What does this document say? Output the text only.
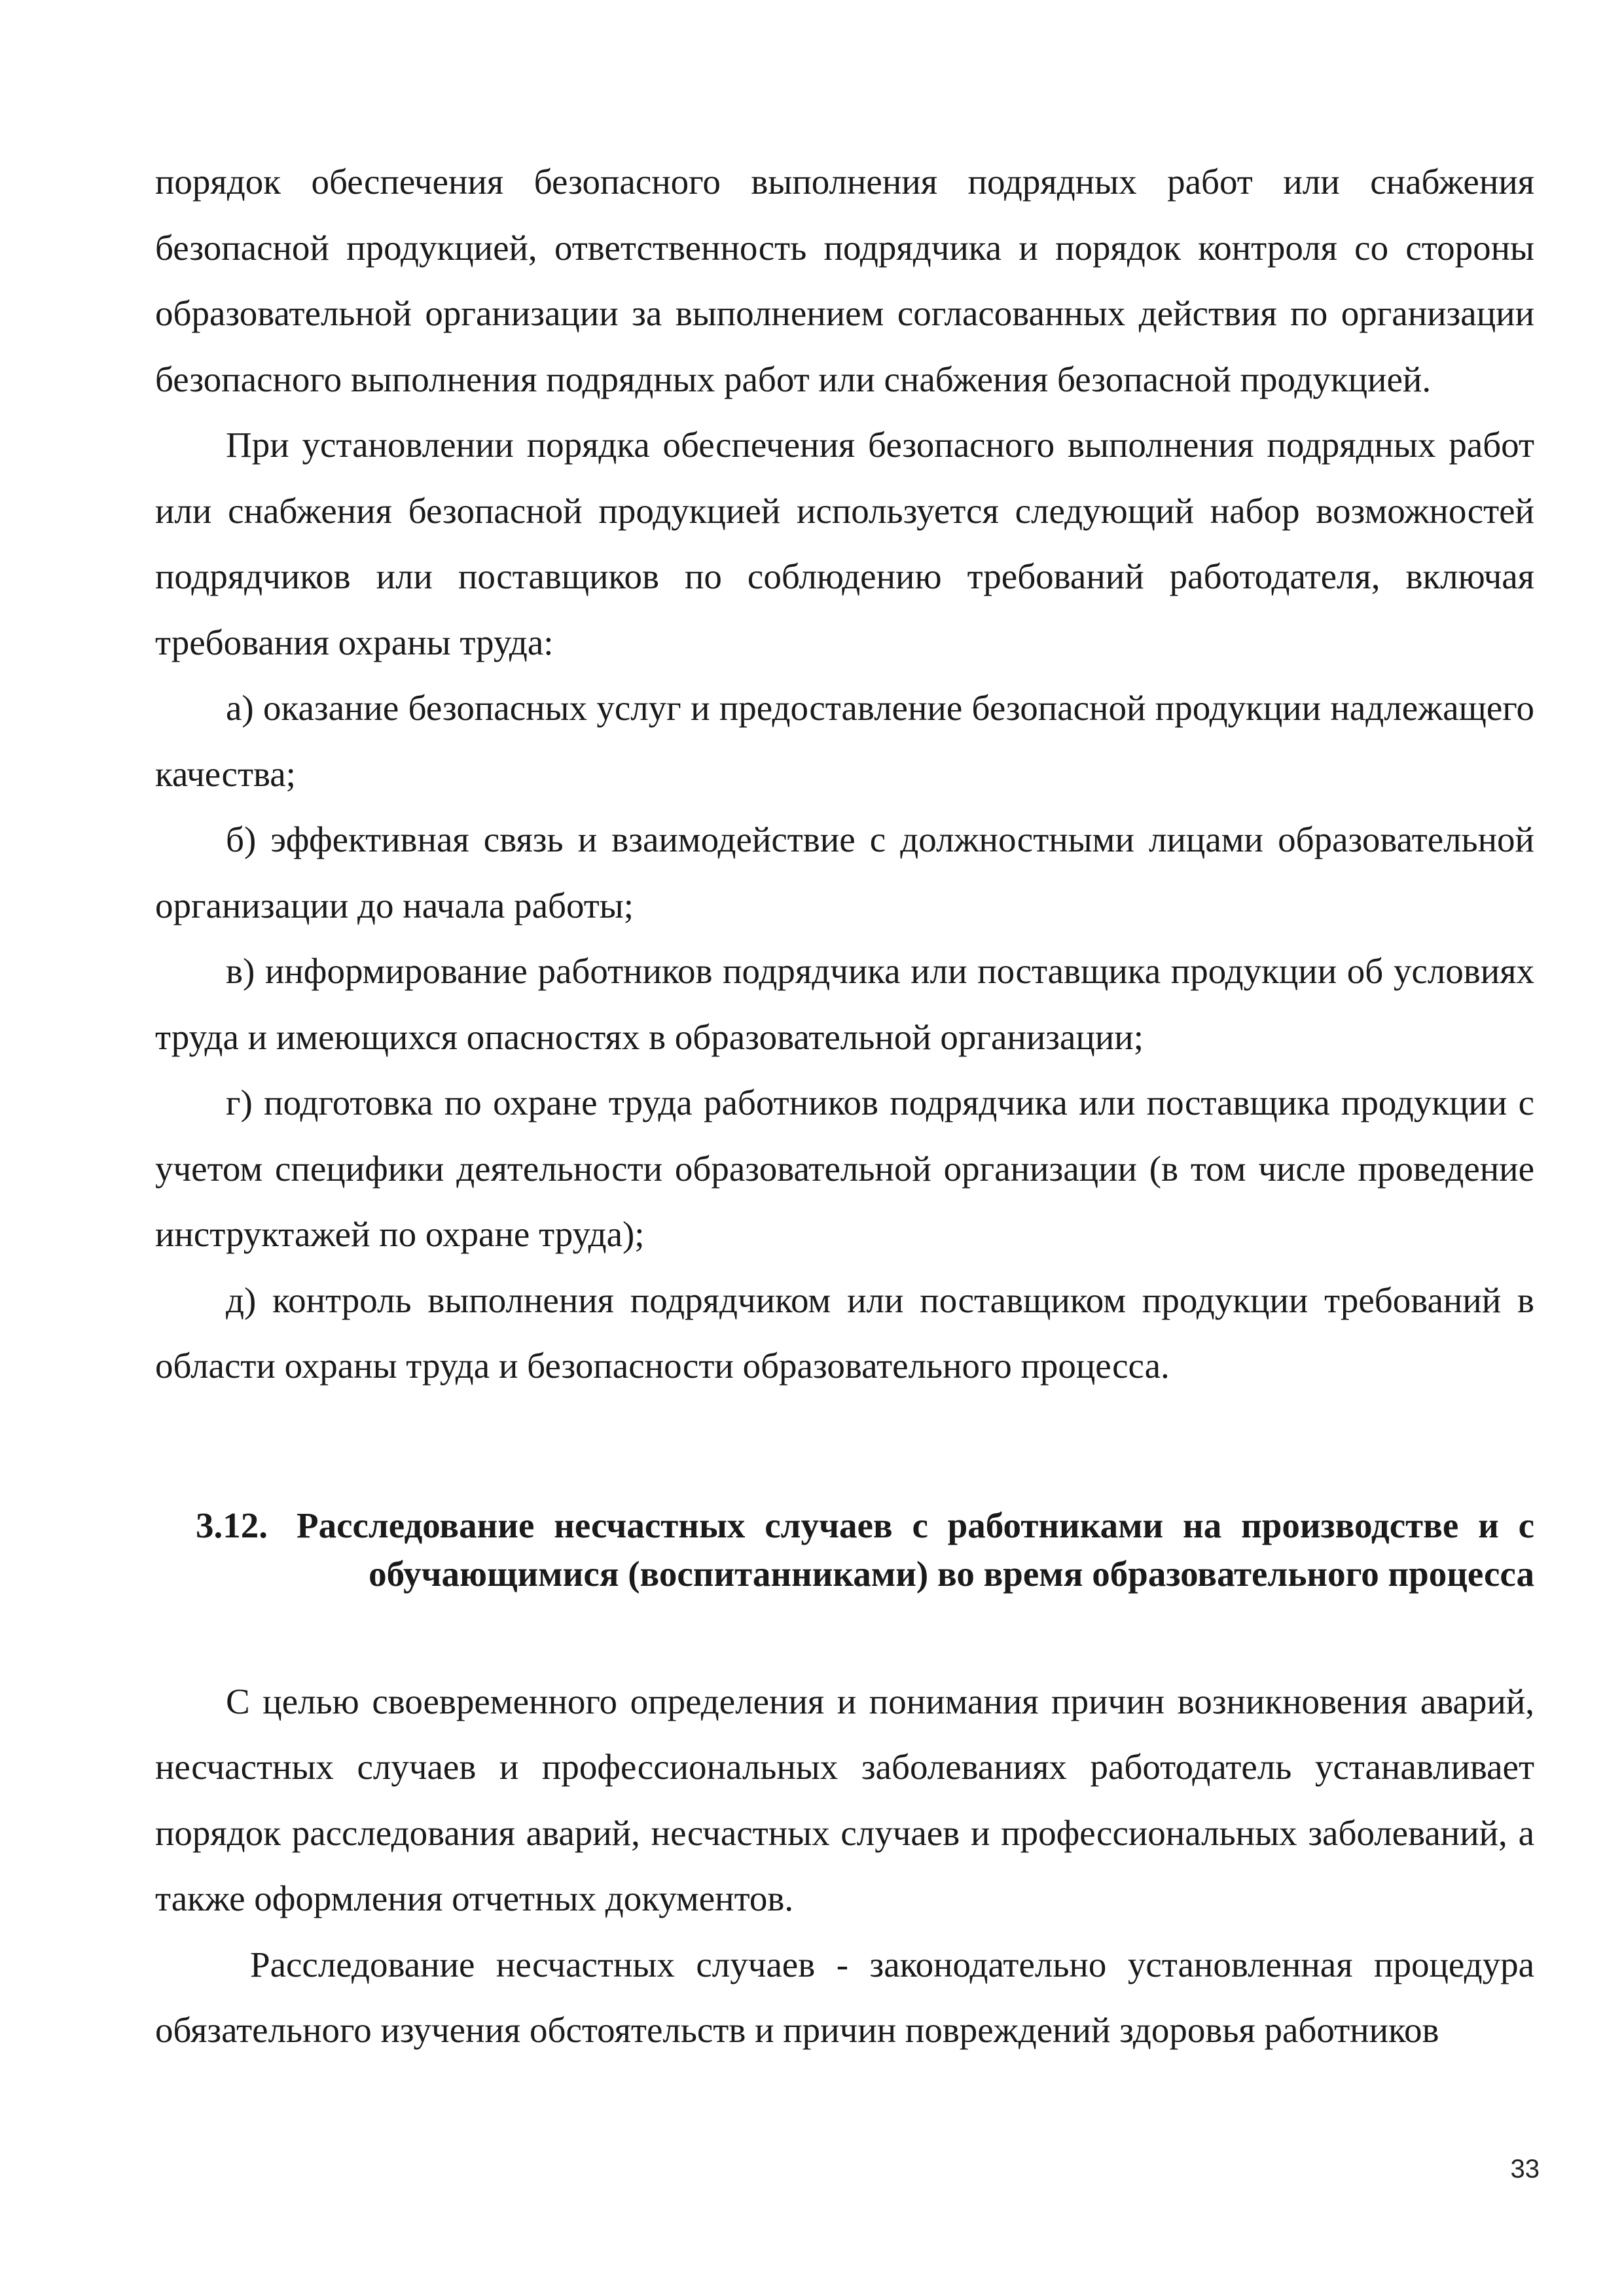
порядок обеспечения безопасного выполнения подрядных работ или снабжения безопасной продукцией, ответственность подрядчика и порядок контроля со стороны образовательной организации за выполнением согласованных действия по организации безопасного выполнения подрядных работ или снабжения безопасной продукцией.

При установлении порядка обеспечения безопасного выполнения подрядных работ или снабжения безопасной продукцией используется следующий набор возможностей подрядчиков или поставщиков по соблюдению требований работодателя, включая требования охраны труда:

а) оказание безопасных услуг и предоставление безопасной продукции надлежащего качества;

б) эффективная связь и взаимодействие с должностными лицами образовательной организации до начала работы;

в) информирование работников подрядчика или поставщика продукции об условиях труда и имеющихся опасностях в образовательной организации;

г) подготовка по охране труда работников подрядчика или поставщика продукции с учетом специфики деятельности образовательной организации (в том числе проведение инструктажей по охране труда);

д) контроль выполнения подрядчиком или поставщиком продукции требований в области охраны труда и безопасности образовательного процесса.

3.12. Расследование несчастных случаев с работниками на производстве и с обучающимися (воспитанниками) во время образовательного процесса

С целью своевременного определения и понимания причин возникновения аварий, несчастных случаев и профессиональных заболеваниях работодатель устанавливает порядок расследования аварий, несчастных случаев и профессиональных заболеваний, а также оформления отчетных документов.

Расследование несчастных случаев - законодательно установленная процедура обязательного изучения обстоятельств и причин повреждений здоровья работников

33
